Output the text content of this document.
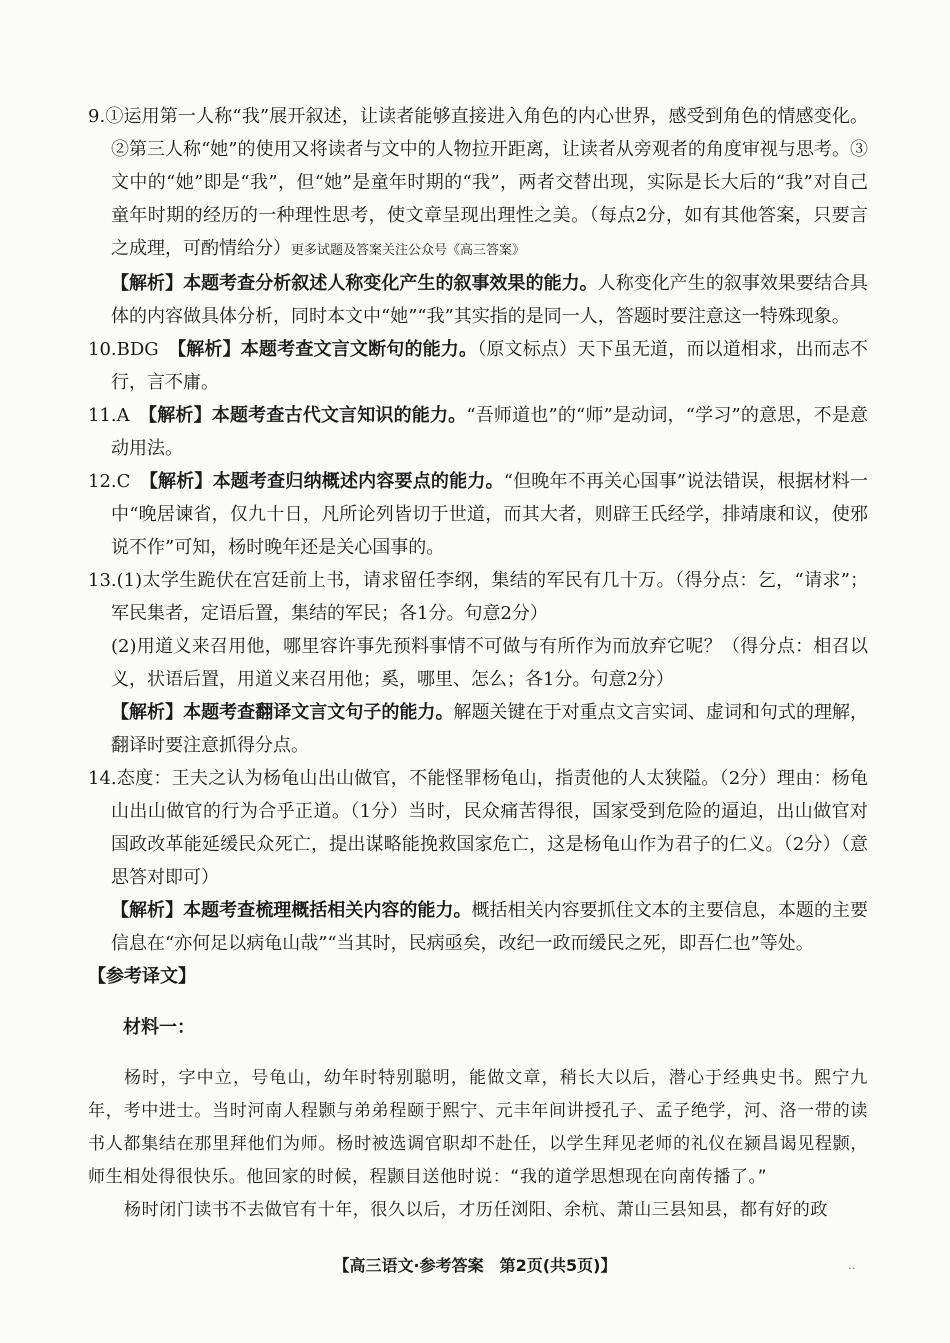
9.①运用第一人称“我”展开叙述，让读者能够直接进入角色的内心世界，感受到角色的情感变化。②第三人称“她”的使用又将读者与文中的人物拉开距离，让读者从旁观者的角度审视与思考。③文中的“她”即是“我”，但“她”是童年时期的“我”，两者交替出现，实际是长大后的“我”对自己童年时期的经历的一种理性思考，使文章呈现出理性之美。（每点2分，如有其他答案，只要言之成理，可酌情给分）更多试题及答案关注公众号《高三答案》

【解析】本题考查分析叙述人称变化产生的叙事效果的能力。人称变化产生的叙事效果要结合具体的内容做具体分析，同时本文中“她”“我”其实指的是同一人，答题时要注意这一特殊现象。

10.BDG　 【解析】本题考查文言文断句的能力。（原文标点）天下虽无道，而以道相求，出而志不行，言不庸。

11.A　 【解析】本题考查古代文言知识的能力。“吾师道也”的“师”是动词，“学习”的意思，不是意动用法。

12.C　 【解析】本题考查归纳概述内容要点的能力。“但晚年不再关心国事”说法错误，根据材料一中“晚居谏省，仅九十日，凡所论列皆切于世道，而其大者，则辟王氏经学，排靖康和议，使邪说不作”可知，杨时晚年还是关心国事的。

13.(1)太学生跪伏在宫廷前上书，请求留任李纲，集结的军民有几十万。（得分点：乞，“请求”；军民集者，定语后置，集结的军民；各1分。句意2分）

(2)用道义来召用他，哪里容许事先预料事情不可做与有所作为而放弃它呢？（得分点：相召以义，状语后置，用道义来召用他；奚，哪里、怎么；各1分。句意2分）

【解析】本题考查翻译文言文句子的能力。解题关键在于对重点文言实词、虚词和句式的理解，翻译时要注意抓得分点。

14.态度：王夫之认为杨龟山出山做官，不能怪罪杨龟山，指责他的人太狭隘。（2分）理由：杨龟山出山做官的行为合乎正道。（1分）当时，民众痛苦得很，国家受到危险的逼迫，出山做官对国政改革能延缓民众死亡，提出谋略能挽救国家危亡，这是杨龟山作为君子的仁义。（2分）（意思答对即可）

【解析】本题考查梳理概括相关内容的能力。概括相关内容要抓住文本的主要信息，本题的主要信息在“亦何足以病龟山哉”“当其时，民病亟矣，改纪一政而缓民之死，即吾仁也”等处。

【参考译文】

材料一：

杨时，字中立，号龟山，幼年时特别聪明，能做文章，稍长大以后，潜心于经典史书。熙宁九年，考中进士。当时河南人程颢与弟弟程颐于熙宁、元丰年间讲授孔子、孟子绝学，河、洛一带的读书人都集结在那里拜他们为师。杨时被选调官职却不赴任，以学生拜见老师的礼仪在颍昌谒见程颢，师生相处得很快乐。他回家的时候，程颢目送他时说：“我的道学思想现在向南传播了。”

杨时闭门读书不去做官有十年，很久以后，才历任浏阳、余杭、萧山三县知县，都有好的政

【高三语文·参考答案　第2页(共5页)】	..
